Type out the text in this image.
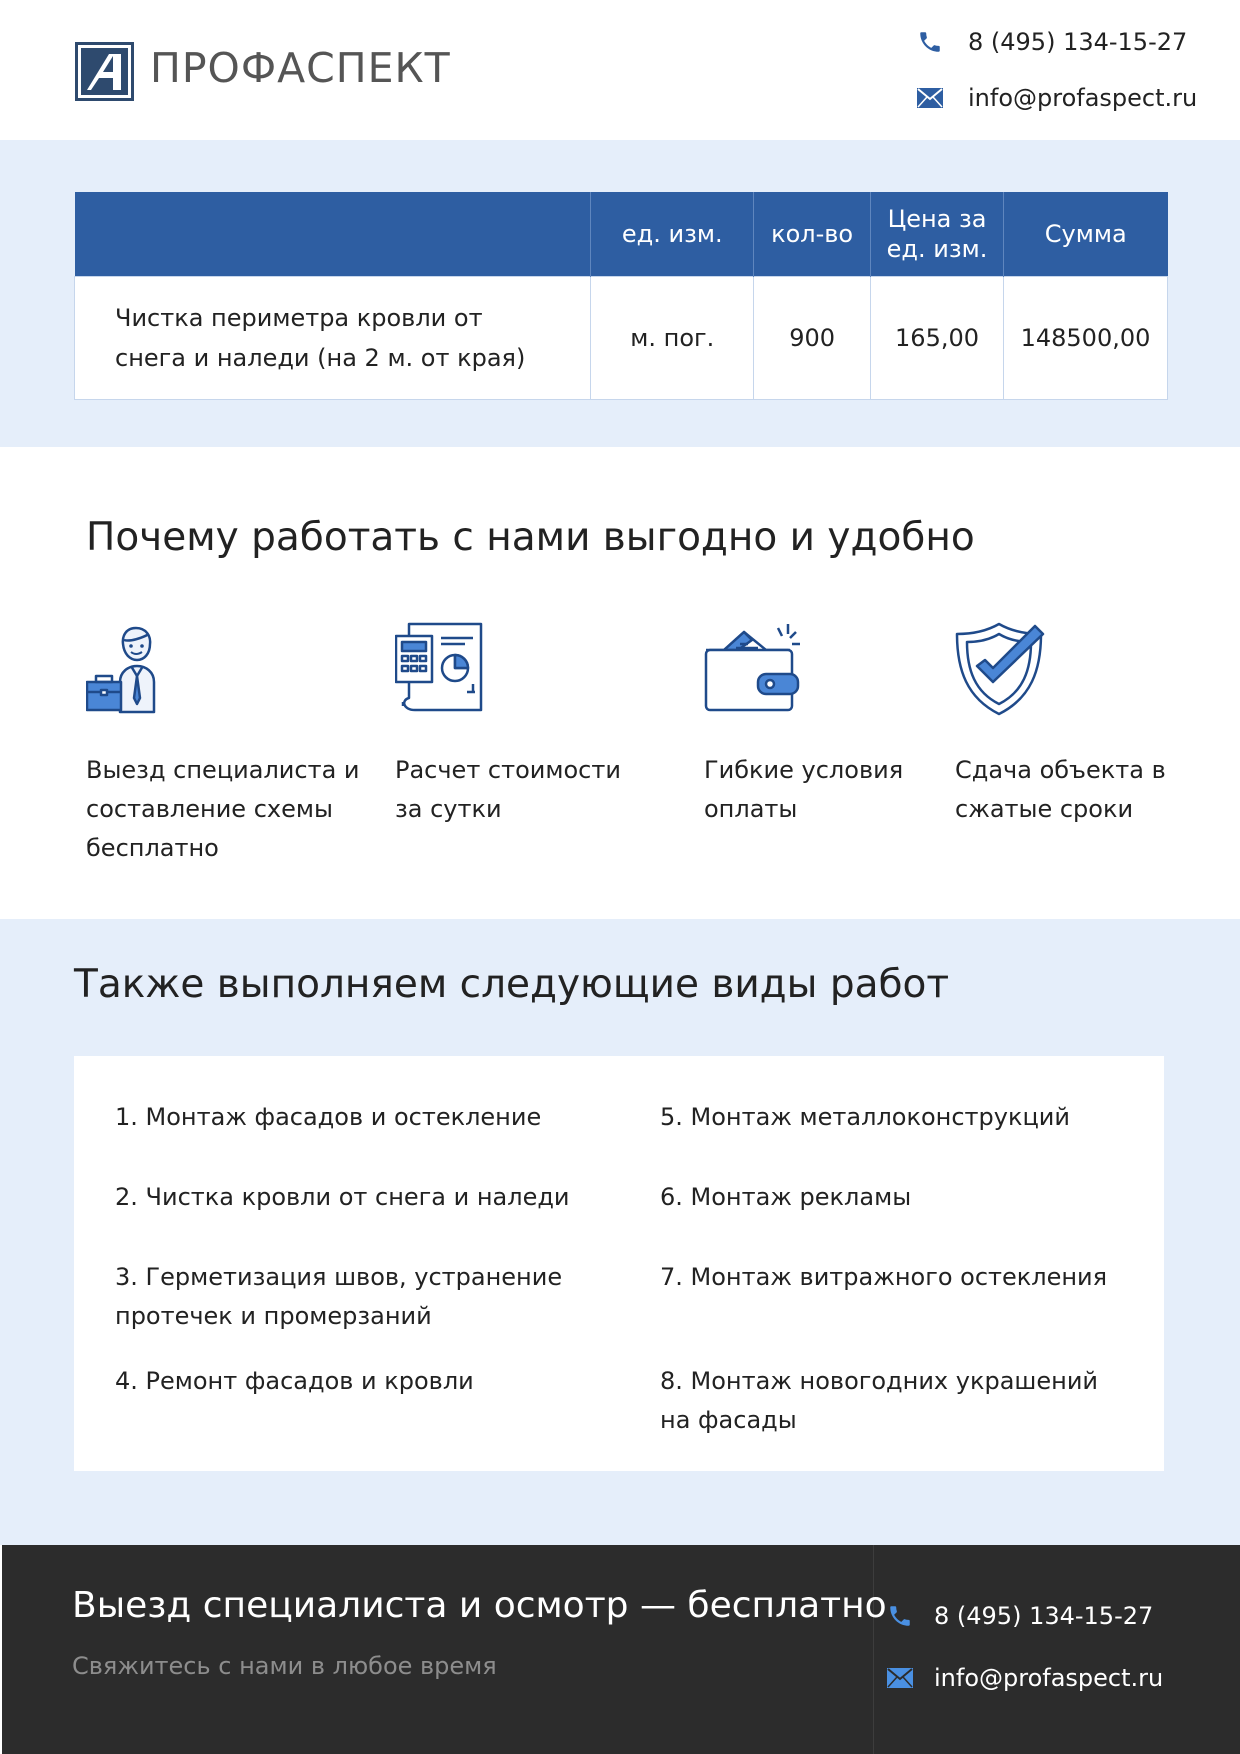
ПРОФАСПЕКТ
8 (495) 134-15-27
info@profaspect.ru
	ед. изм.	кол-во	Цена за ед. изм.	Сумма
Чистка периметра кровли от снега и наледи (на 2 м. от края)	м. пог.	900	165,00	148500,00
Почему работать с нами выгодно и удобно
Выезд специалиста и составление схемы бесплатно
Расчет стоимости за сутки
Гибкие условия оплаты
Сдача объекта в сжатые сроки
Также выполняем следующие виды работ
1. Монтаж фасадов и остекление
2. Чистка кровли от снега и наледи
3. Герметизация швов, устранение протечек и промерзаний
4. Ремонт фасадов и кровли
5. Монтаж металлоконструкций
6. Монтаж рекламы
7. Монтаж витражного остекления
8. Монтаж новогодних украшений на фасады
Выезд специалиста и осмотр — бесплатно
Свяжитесь с нами в любое время
8 (495) 134-15-27
info@profaspect.ru
